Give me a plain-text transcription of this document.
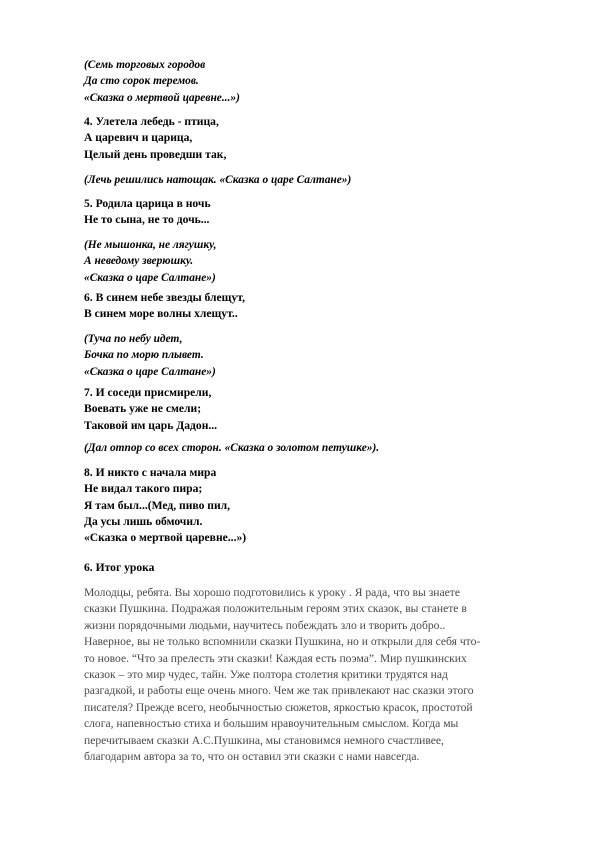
(Семь торговых городов
Да сто сорок теремов.
«Сказка о мертвой царевне...»)
4. Улетела лебедь - птица,
А царевич и царица,
Целый день проведши так,
(Лечь решились натощак. «Сказка о царе Салтане»)
5. Родила царица в ночь
Не то сына, не то дочь...
(Не мышонка, не лягушку,
А неведому зверюшку.
«Сказка о царе Салтане»)
6. В синем небе звезды блещут,
В синем море волны хлещут..
(Туча по небу идет,
Бочка по морю плывет.
«Сказка о царе Салтане»)
7. И соседи присмирели,
Воевать уже не смели;
Таковой им царь Дадон...
(Дал отпор со всех сторон. «Сказка о золотом петушке»).
8. И никто с начала мира
Не видал такого пира;
Я там был...(Мед, пиво пил,
Да усы лишь обмочил.
«Сказка о мертвой царевне...»)
6. Итог урока
Молодцы, ребята. Вы хорошо подготовились к уроку . Я рада, что вы знаете
сказки Пушкина. Подражая положительным героям этих сказок, вы станете в
жизни порядочными людьми, научитесь побеждать зло и творить добро..
Наверное, вы не только вспомнили сказки Пушкина, но и открыли для себя что-
то новое. “Что за прелесть эти сказки! Каждая есть поэма”. Мир пушкинских
сказок – это мир чудес, тайн. Уже полтора столетия критики трудятся над
разгадкой, и работы еще очень много. Чем же так привлекают нас сказки этого
писателя? Прежде всего, необычностью сюжетов, яркостью красок, простотой
слога, напевностью стиха и большим нравоучительным смыслом. Когда мы
перечитываем сказки А.С.Пушкина, мы становимся немного счастливее,
благодарим автора за то, что он оставил эти сказки с нами навсегда.
